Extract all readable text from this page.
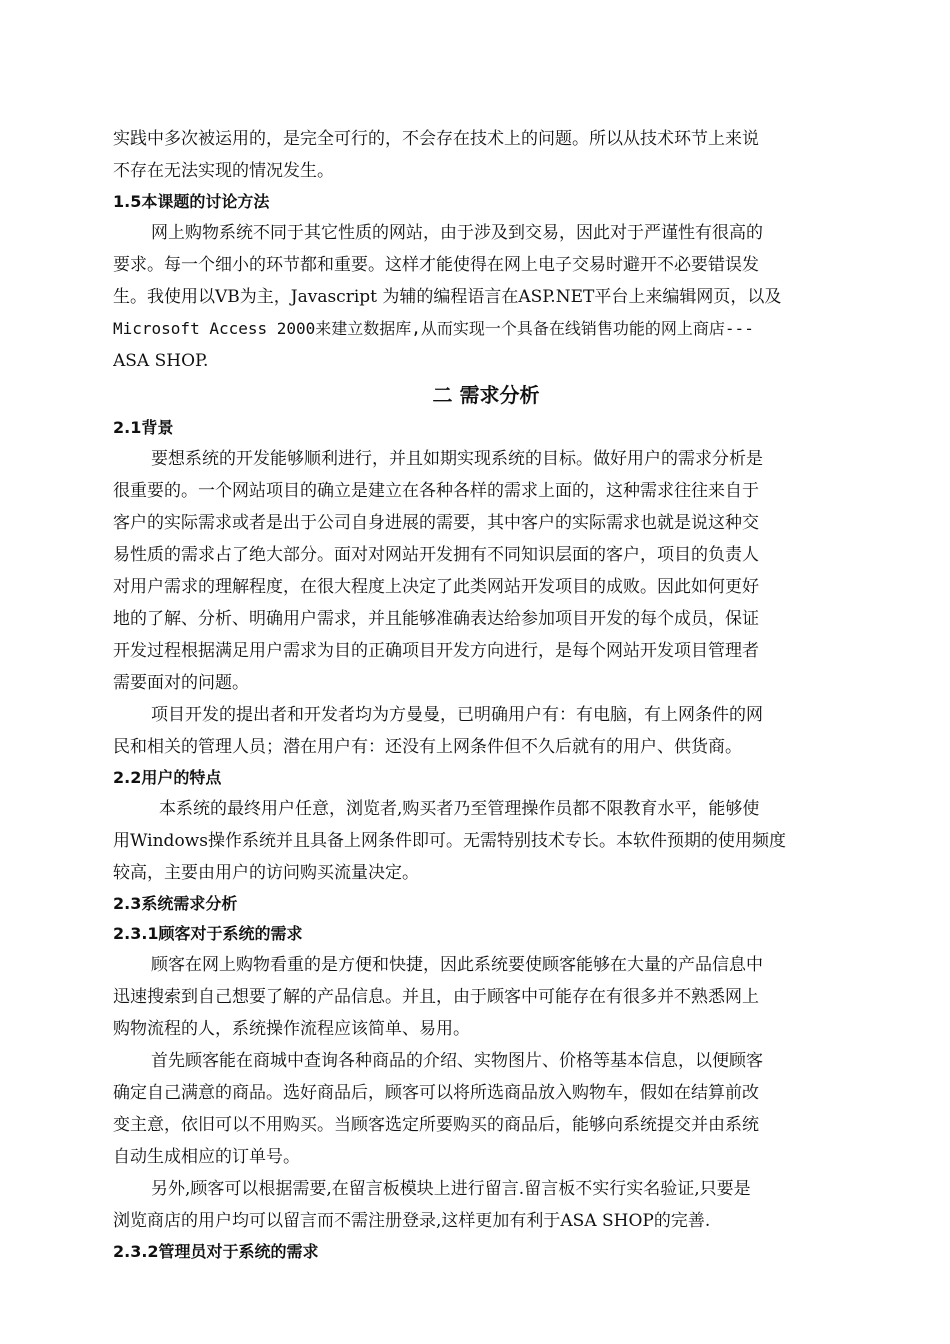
实践中多次被运用的，是完全可行的，不会存在技术上的问题。所以从技术环节上来说
不存在无法实现的情况发生。
1.5本课题的讨论方法
网上购物系统不同于其它性质的网站，由于涉及到交易，因此对于严谨性有很高的
要求。每一个细小的环节都和重要。这样才能使得在网上电子交易时避开不必要错误发
生。我使用以VB为主，Javascript 为辅的编程语言在ASP.NET平台上来编辑网页，以及
Microsoft Access 2000来建立数据库,从而实现一个具备在线销售功能的网上商店---
ASA SHOP.
二 需求分析
2.1背景
要想系统的开发能够顺利进行，并且如期实现系统的目标。做好用户的需求分析是
很重要的。一个网站项目的确立是建立在各种各样的需求上面的，这种需求往往来自于
客户的实际需求或者是出于公司自身进展的需要，其中客户的实际需求也就是说这种交
易性质的需求占了绝大部分。面对对网站开发拥有不同知识层面的客户，项目的负责人
对用户需求的理解程度，在很大程度上决定了此类网站开发项目的成败。因此如何更好
地的了解、分析、明确用户需求，并且能够准确表达给参加项目开发的每个成员，保证
开发过程根据满足用户需求为目的正确项目开发方向进行，是每个网站开发项目管理者
需要面对的问题。
项目开发的提出者和开发者均为方曼曼，已明确用户有：有电脑，有上网条件的网
民和相关的管理人员；潜在用户有：还没有上网条件但不久后就有的用户、供货商。
2.2用户的特点
本系统的最终用户任意，浏览者,购买者乃至管理操作员都不限教育水平，能够使
用Windows操作系统并且具备上网条件即可。无需特别技术专长。本软件预期的使用频度
较高，主要由用户的访问购买流量决定。
2.3系统需求分析
2.3.1顾客对于系统的需求
顾客在网上购物看重的是方便和快捷，因此系统要使顾客能够在大量的产品信息中
迅速搜索到自己想要了解的产品信息。并且，由于顾客中可能存在有很多并不熟悉网上
购物流程的人，系统操作流程应该简单、易用。
首先顾客能在商城中查询各种商品的介绍、实物图片、价格等基本信息，以便顾客
确定自己满意的商品。选好商品后，顾客可以将所选商品放入购物车，假如在结算前改
变主意，依旧可以不用购买。当顾客选定所要购买的商品后，能够向系统提交并由系统
自动生成相应的订单号。
另外,顾客可以根据需要,在留言板模块上进行留言.留言板不实行实名验证,只要是
浏览商店的用户均可以留言而不需注册登录,这样更加有利于ASA SHOP的完善.
2.3.2管理员对于系统的需求
